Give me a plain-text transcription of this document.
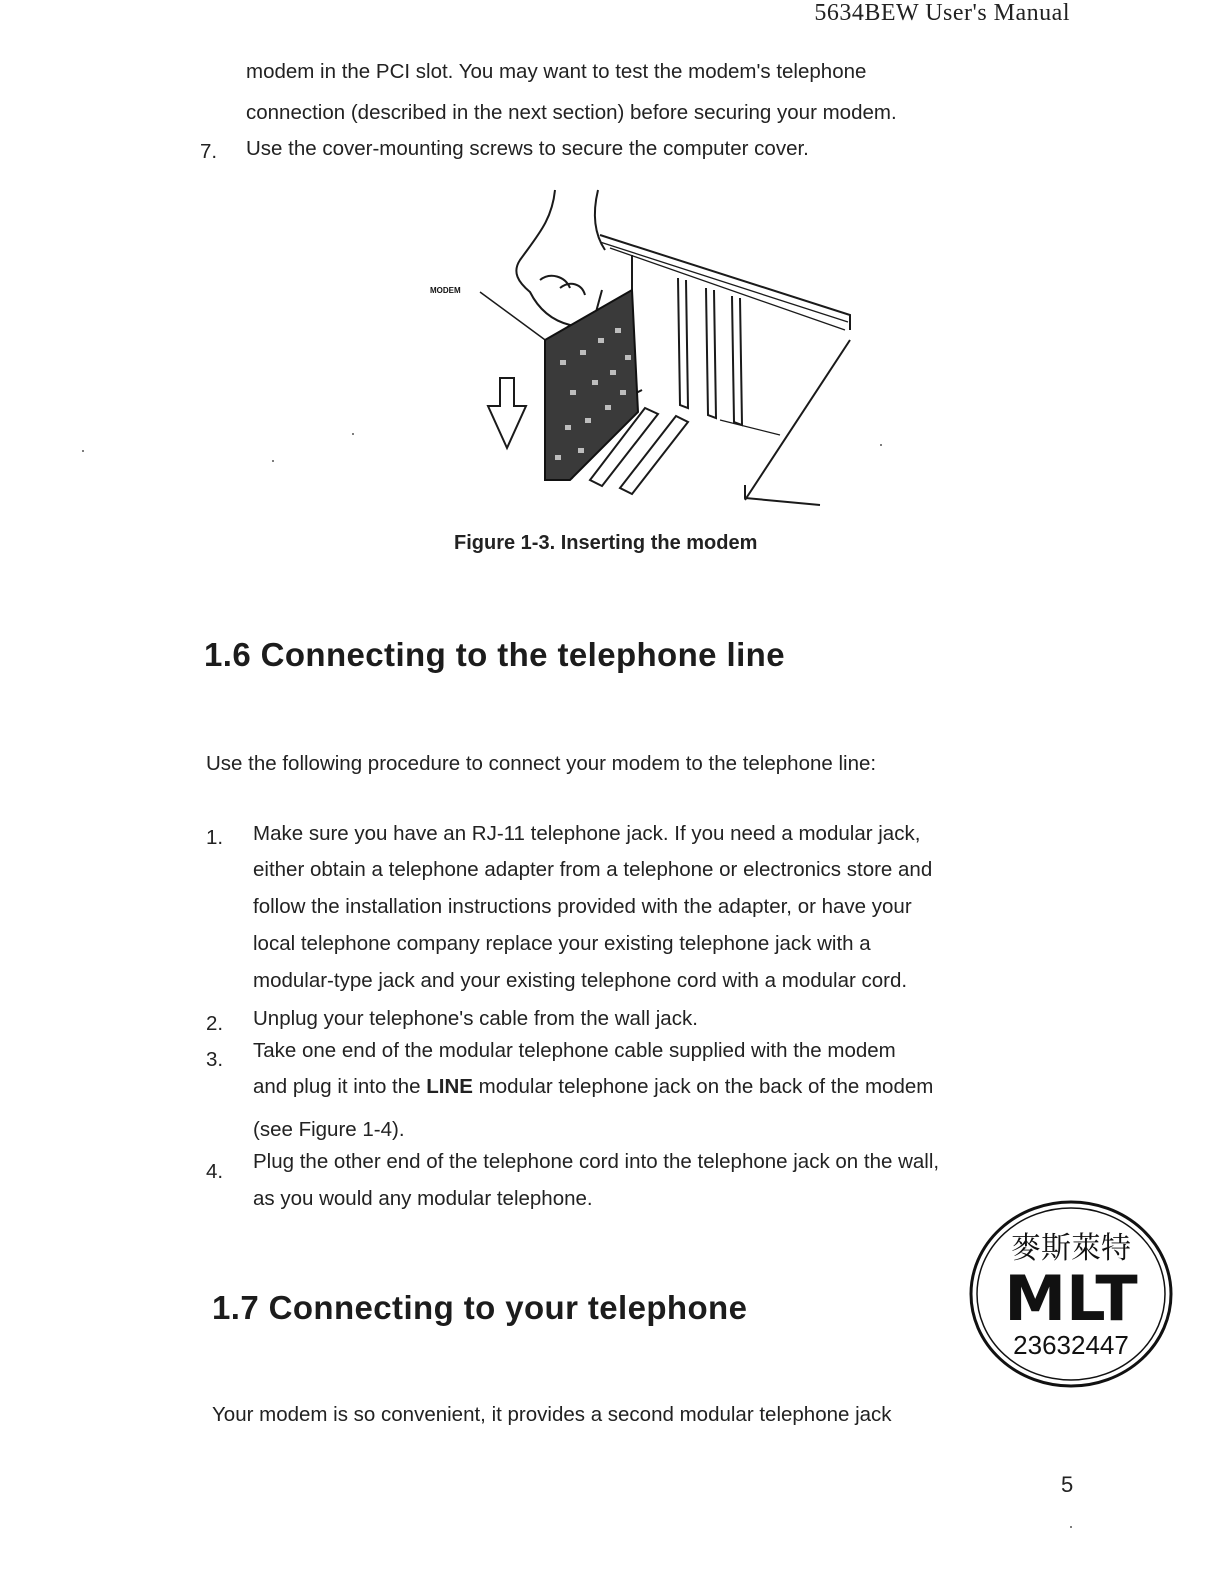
5634BEW User's Manual
modem in the PCI slot. You may want to test the modem's telephone
connection (described in the next section) before securing your modem.
7.	Use the cover-mounting screws to secure the computer cover.
MODEM
Figure 1-3. Inserting the modem
1.6 Connecting to the telephone line
Use the following procedure to connect your modem to the telephone line:
1.	Make sure you have an RJ-11 telephone jack. If you need a modular jack,
either obtain a telephone adapter from a telephone or electronics store and
follow the installation instructions provided with the adapter, or have your
local telephone company replace your existing telephone jack with a
modular-type jack and your existing telephone cord with a modular cord.
2.	Unplug your telephone's cable from the wall jack.
3.	Take one end of the modular telephone cable supplied with the modem
and plug it into the LINE modular telephone jack on the back of the modem
(see Figure 1-4).
4.	Plug the other end of the telephone cord into the telephone jack on the wall,
as you would any modular telephone.
1.7 Connecting to your telephone
Your modem is so convenient, it provides a second modular telephone jack
麥斯萊特
MLT
23632447
5
